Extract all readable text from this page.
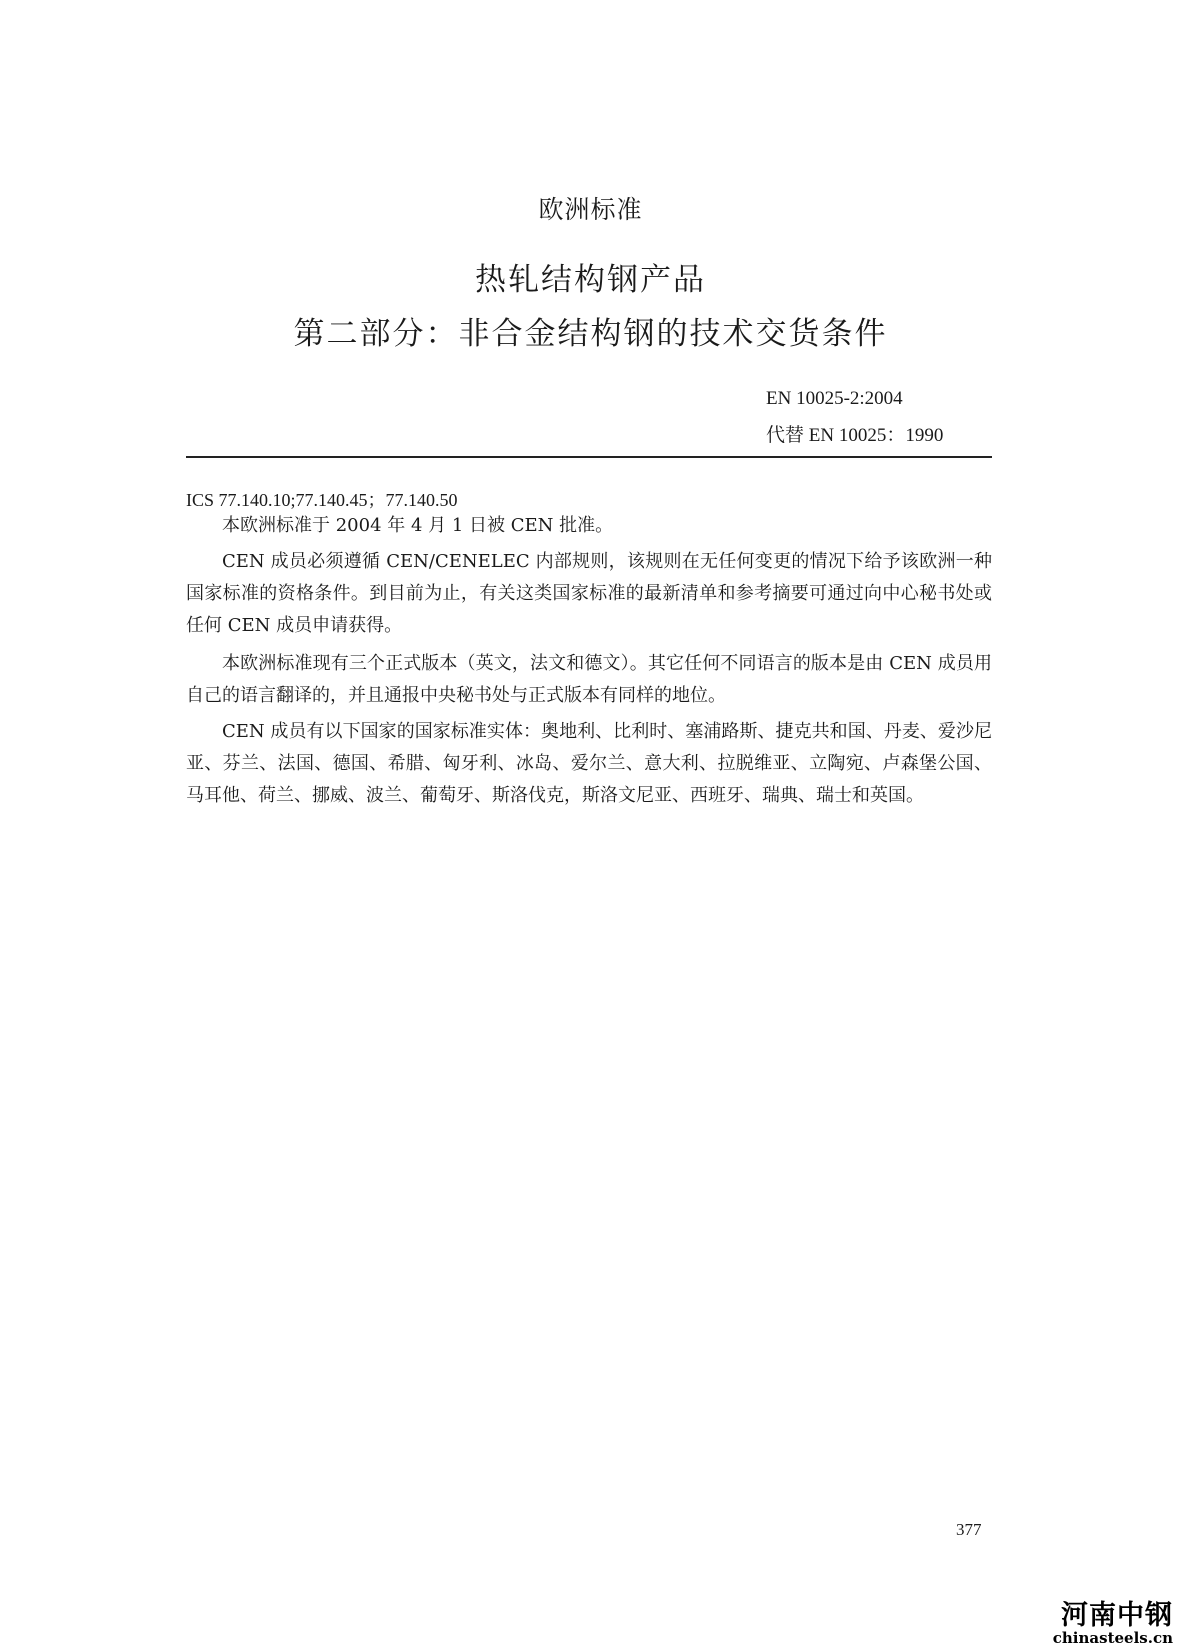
欧洲标准
热轧结构钢产品
第二部分：非合金结构钢的技术交货条件
EN 10025-2:2004
代替 EN 10025：1990
ICS 77.140.10;77.140.45；77.140.50

本欧洲标准于 2004 年 4 月 1 日被 CEN 批准。

CEN 成员必须遵循 CEN/CENELEC 内部规则，该规则在无任何变更的情况下给予该欧洲一种国家标准的资格条件。到目前为止，有关这类国家标准的最新清单和参考摘要可通过向中心秘书处或任何 CEN 成员申请获得。

本欧洲标准现有三个正式版本（英文，法文和德文）。其它任何不同语言的版本是由 CEN 成员用自己的语言翻译的，并且通报中央秘书处与正式版本有同样的地位。

CEN 成员有以下国家的国家标准实体：奥地利、比利时、塞浦路斯、捷克共和国、丹麦、爱沙尼亚、芬兰、法国、德国、希腊、匈牙利、冰岛、爱尔兰、意大利、拉脱维亚、立陶宛、卢森堡公国、马耳他、荷兰、挪威、波兰、葡萄牙、斯洛伐克，斯洛文尼亚、西班牙、瑞典、瑞士和英国。

377
河南中钢
chinasteels.cn
